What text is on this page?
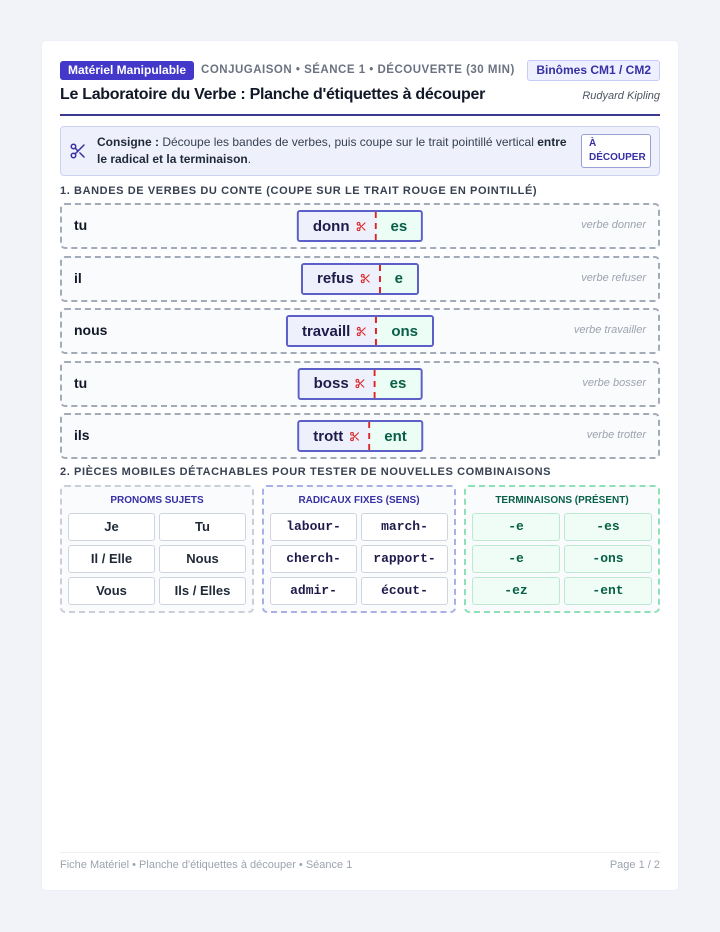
Matériel Manipulable	CONJUGAISON • SÉANCE 1 • DÉCOUVERTE (30 MIN)	Binômes CM1 / CM2
Le Laboratoire du Verbe : Planche d'étiquettes à découper	Rudyard Kipling
Consigne : Découpe les bandes de verbes, puis coupe sur le trait pointillé vertical entre le radical et la terminaison.
À DÉCOUPER
1. BANDES DE VERBES DU CONTE (COUPE SUR LE TRAIT ROUGE EN POINTILLÉ)
tu	donn	es	verbe donner
il	refus	e	verbe refuser
nous	travaill	ons	verbe travailler
tu	boss	es	verbe bosser
ils	trott	ent	verbe trotter
2. PIÈCES MOBILES DÉTACHABLES POUR TESTER DE NOUVELLES COMBINAISONS
PRONOMS SUJETS
Je	Tu
Il / Elle	Nous
Vous	Ils / Elles
RADICAUX FIXES (SENS)
labour-	march-
cherch-	rapport-
admir-	écout-
TERMINAISONS (PRÉSENT)
-e	-es
-e	-ons
-ez	-ent
Fiche Matériel • Planche d'étiquettes à découper • Séance 1	Page 1 / 2
